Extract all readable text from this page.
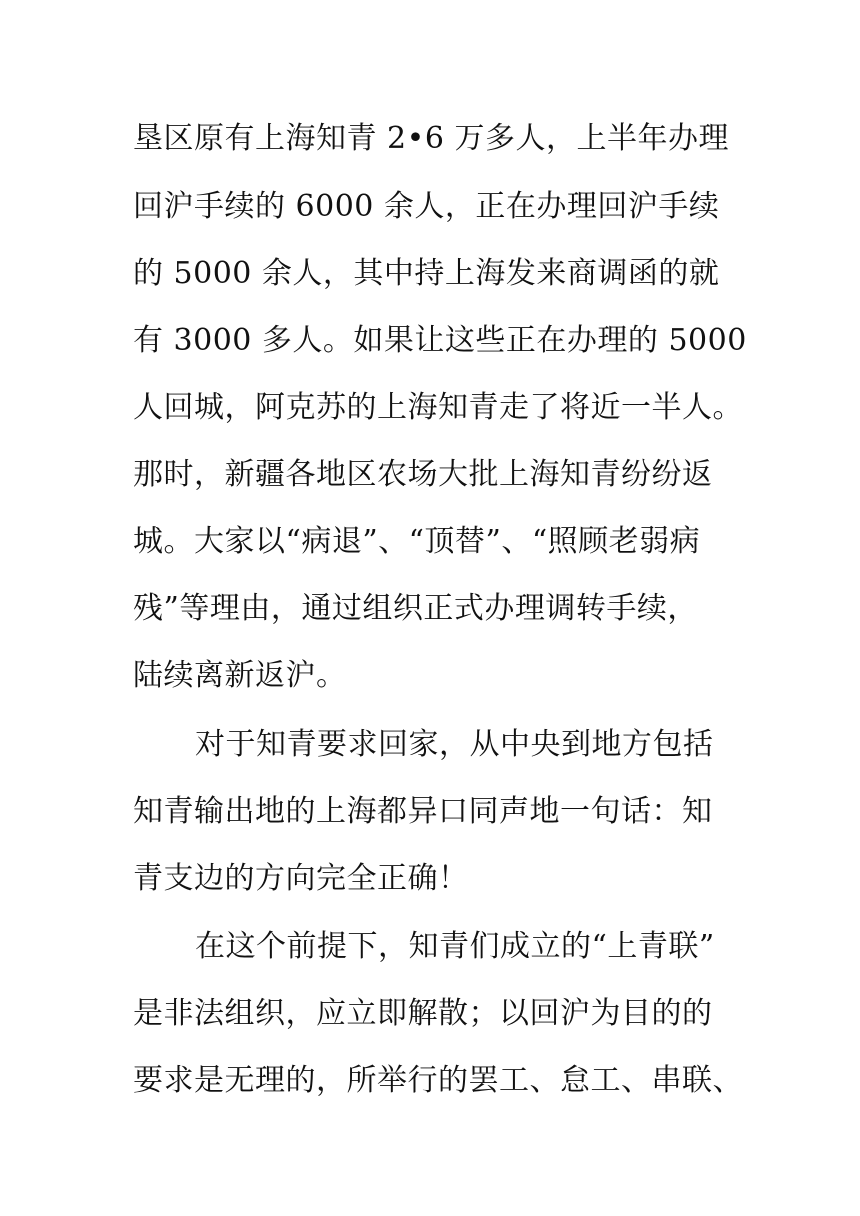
垦区原有上海知青 2•6 万多人，上半年办理
回沪手续的 6000 余人，正在办理回沪手续
的 5000 余人，其中持上海发来商调函的就
有 3000 多人。如果让这些正在办理的 5000
人回城，阿克苏的上海知青走了将近一半人。
那时，新疆各地区农场大批上海知青纷纷返
城。大家以“病退”、“顶替”、“照顾老弱病
残”等理由，通过组织正式办理调转手续，
陆续离新返沪。
对于知青要求回家，从中央到地方包括
知青输出地的上海都异口同声地一句话：知
青支边的方向完全正确！
在这个前提下，知青们成立的“上青联”
是非法组织，应立即解散；以回沪为目的的
要求是无理的，所举行的罢工、怠工、串联、
